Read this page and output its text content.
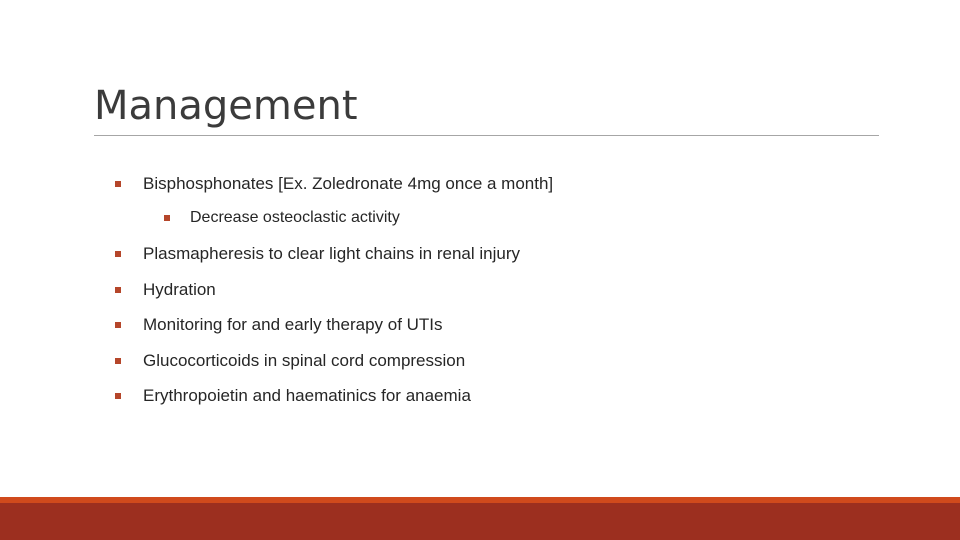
Management
Bisphosphonates [Ex. Zoledronate 4mg once a month]
Decrease osteoclastic activity
Plasmapheresis to clear light chains in renal injury
Hydration
Monitoring for and early therapy of UTIs
Glucocorticoids in spinal cord compression
Erythropoietin and haematinics for anaemia
